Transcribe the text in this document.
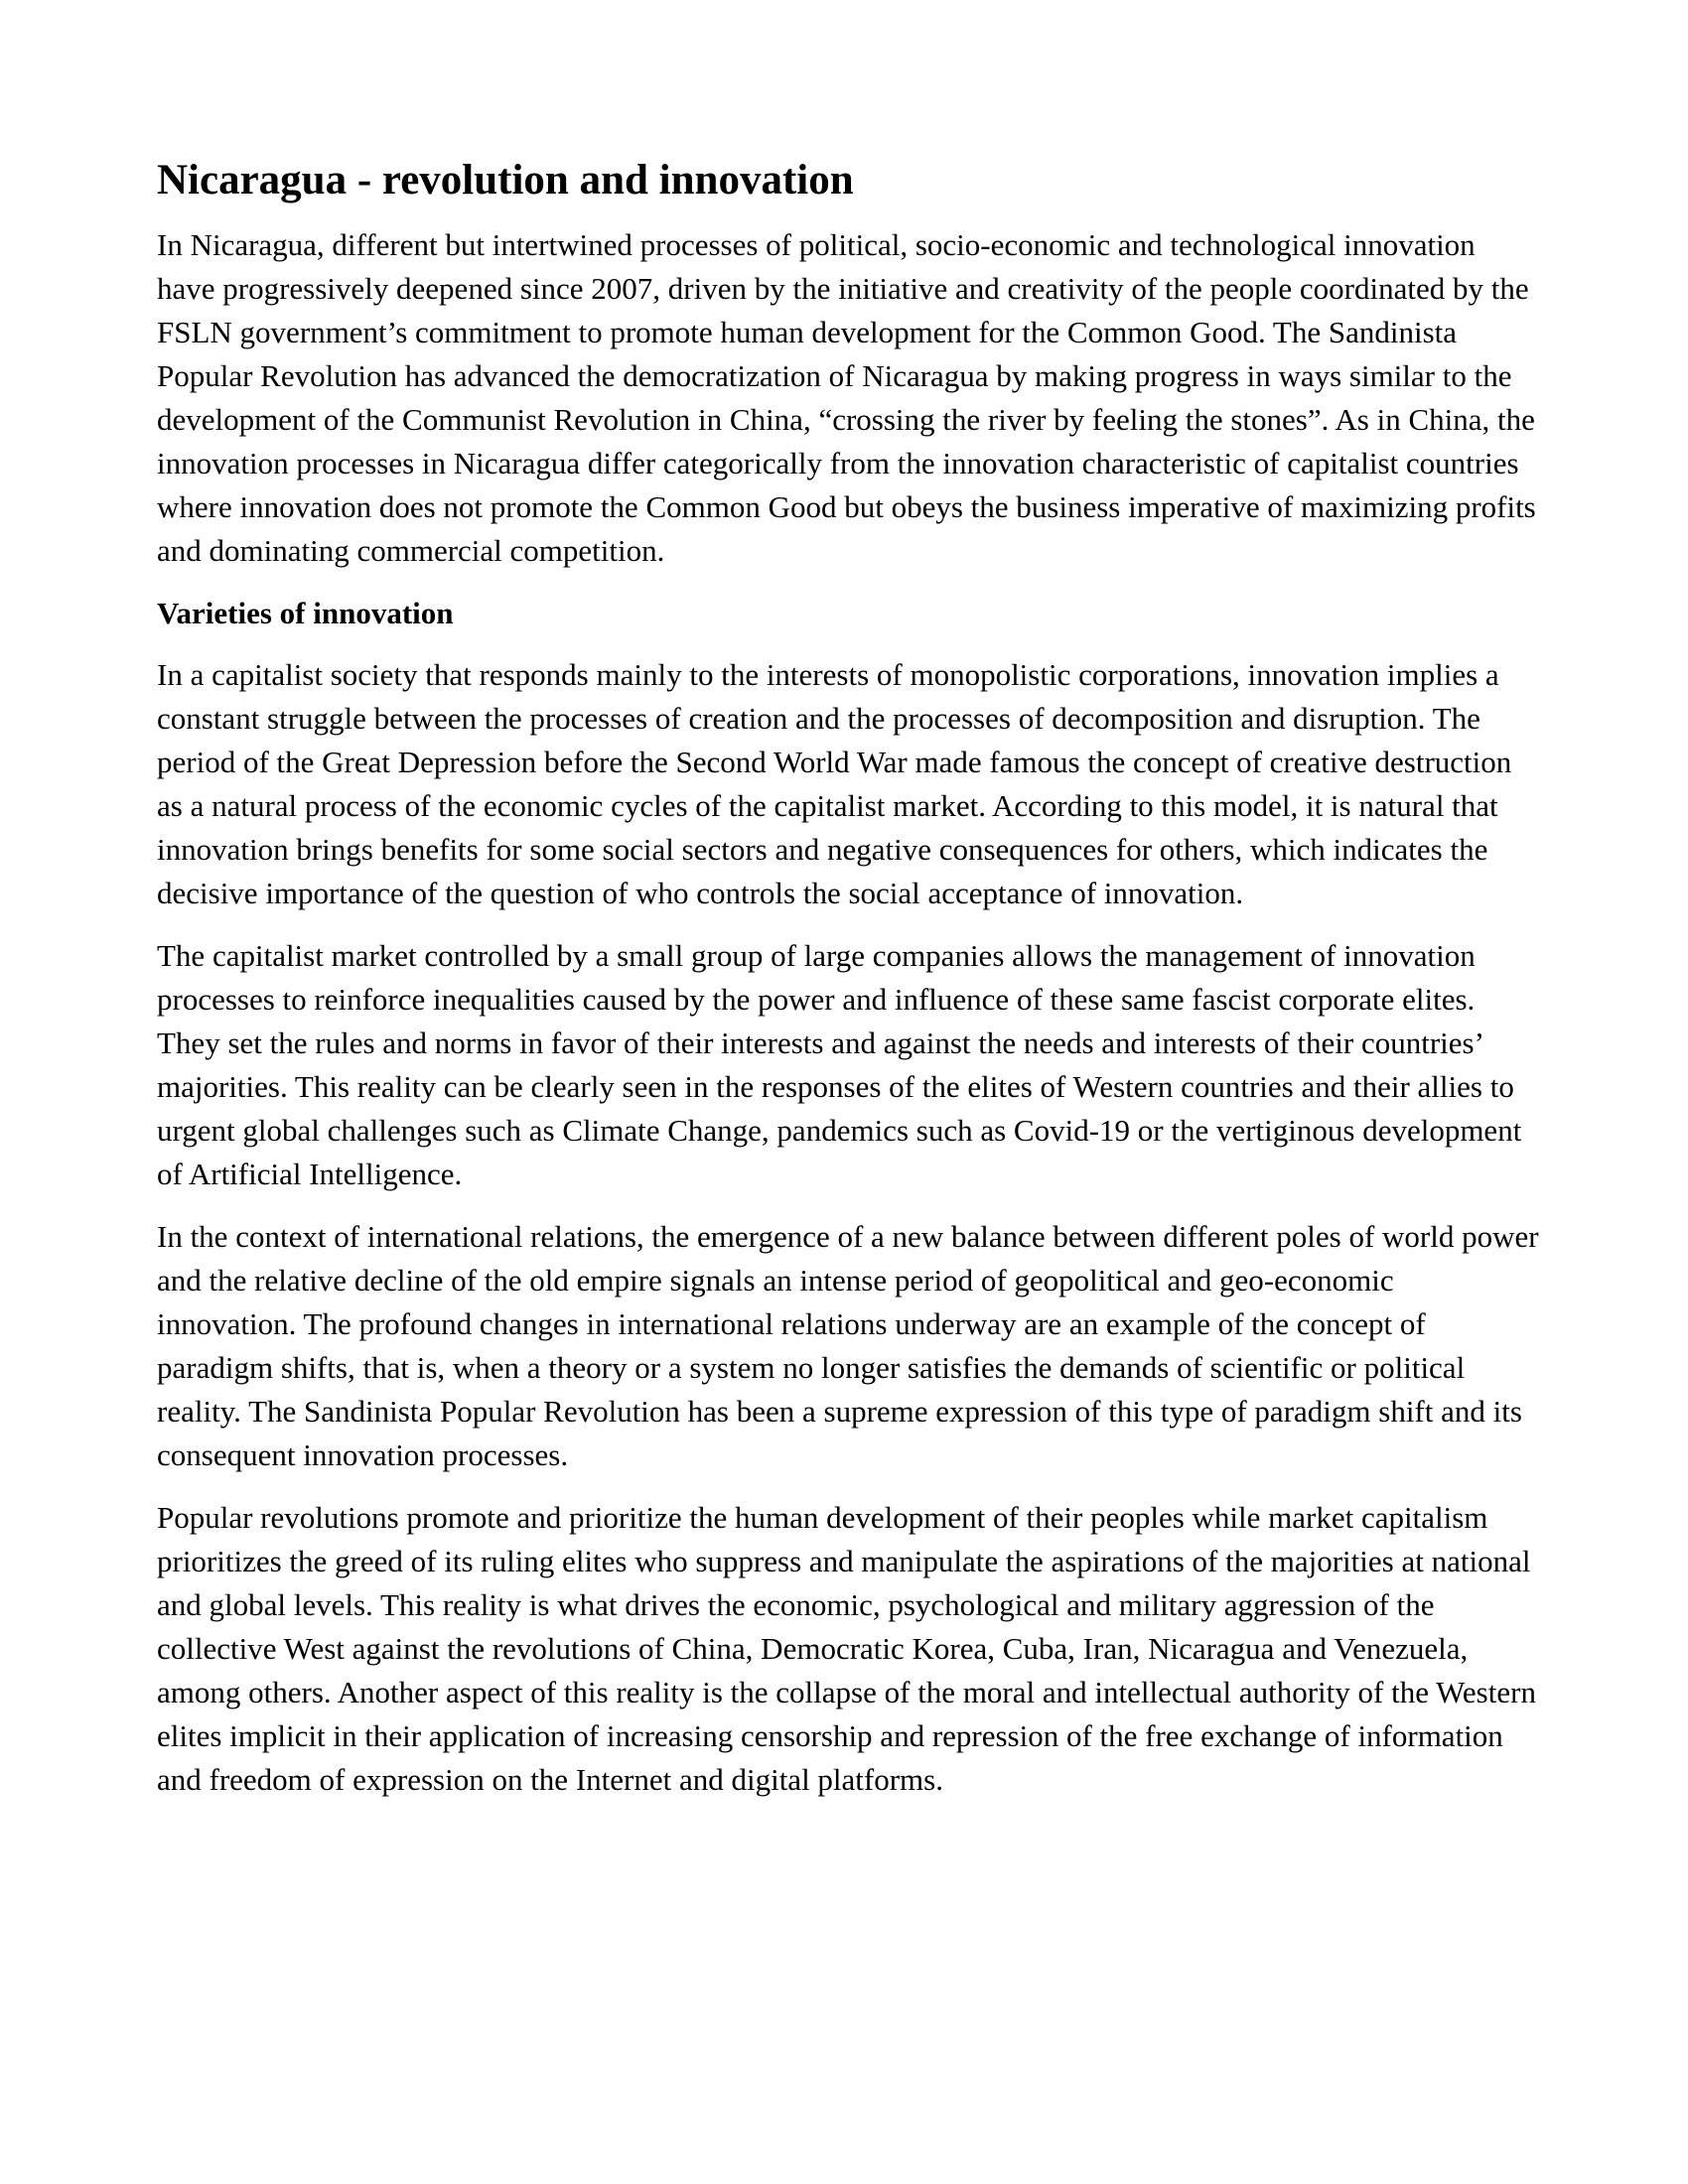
Nicaragua - revolution and innovation

In Nicaragua, different but intertwined processes of political, socio-economic and technological innovation have progressively deepened since 2007, driven by the initiative and creativity of the people coordinated by the FSLN government’s commitment to promote human development for the Common Good. The Sandinista Popular Revolution has advanced the democratization of Nicaragua by making progress in ways similar to the development of the Communist Revolution in China, “crossing the river by feeling the stones”. As in China, the innovation processes in Nicaragua differ categorically from the innovation characteristic of capitalist countries where innovation does not promote the Common Good but obeys the business imperative of maximizing profits and dominating commercial competition.

Varieties of innovation

In a capitalist society that responds mainly to the interests of monopolistic corporations, innovation implies a constant struggle between the processes of creation and the processes of decomposition and disruption. The period of the Great Depression before the Second World War made famous the concept of creative destruction as a natural process of the economic cycles of the capitalist market. According to this model, it is natural that innovation brings benefits for some social sectors and negative consequences for others, which indicates the decisive importance of the question of who controls the social acceptance of innovation.

The capitalist market controlled by a small group of large companies allows the management of innovation processes to reinforce inequalities caused by the power and influence of these same fascist corporate elites. They set the rules and norms in favor of their interests and against the needs and interests of their countries’ majorities. This reality can be clearly seen in the responses of the elites of Western countries and their allies to urgent global challenges such as Climate Change, pandemics such as Covid-19 or the vertiginous development of Artificial Intelligence.

In the context of international relations, the emergence of a new balance between different poles of world power and the relative decline of the old empire signals an intense period of geopolitical and geo-economic innovation. The profound changes in international relations underway are an example of the concept of paradigm shifts, that is, when a theory or a system no longer satisfies the demands of scientific or political reality. The Sandinista Popular Revolution has been a supreme expression of this type of paradigm shift and its consequent innovation processes.

Popular revolutions promote and prioritize the human development of their peoples while market capitalism prioritizes the greed of its ruling elites who suppress and manipulate the aspirations of the majorities at national and global levels. This reality is what drives the economic, psychological and military aggression of the collective West against the revolutions of China, Democratic Korea, Cuba, Iran, Nicaragua and Venezuela, among others. Another aspect of this reality is the collapse of the moral and intellectual authority of the Western elites implicit in their application of increasing censorship and repression of the free exchange of information and freedom of expression on the Internet and digital platforms.
